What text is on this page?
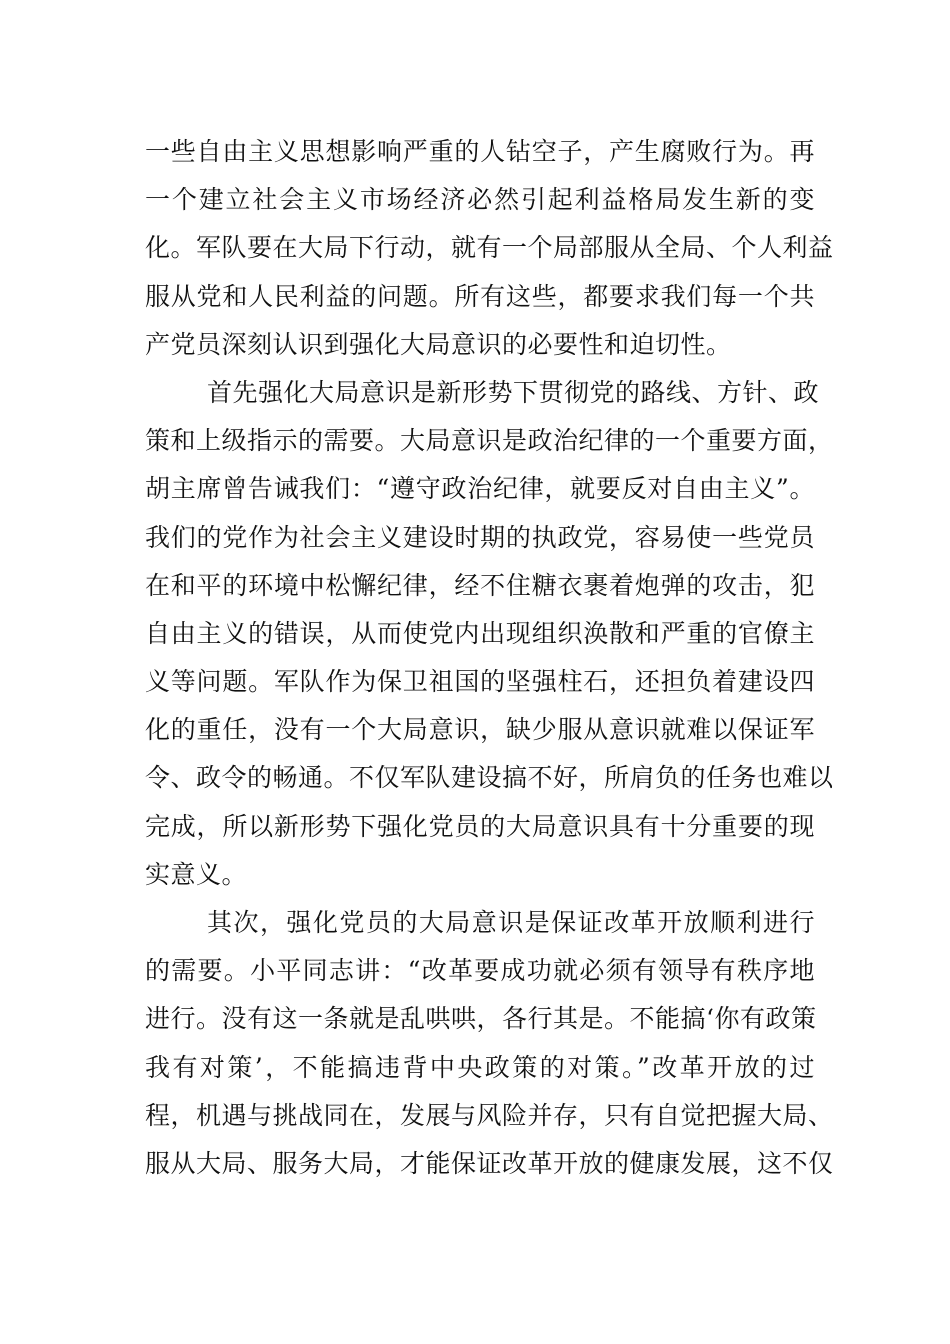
一些自由主义思想影响严重的人钻空子，产生腐败行为。再
一个建立社会主义市场经济必然引起利益格局发生新的变
化。军队要在大局下行动，就有一个局部服从全局、个人利益
服从党和人民利益的问题。所有这些，都要求我们每一个共
产党员深刻认识到强化大局意识的必要性和迫切性。
首先强化大局意识是新形势下贯彻党的路线、方针、政
策和上级指示的需要。大局意识是政治纪律的一个重要方面，
胡主席曾告诫我们：“遵守政治纪律，就要反对自由主义”。
我们的党作为社会主义建设时期的执政党，容易使一些党员
在和平的环境中松懈纪律，经不住糖衣裹着炮弹的攻击，犯
自由主义的错误，从而使党内出现组织涣散和严重的官僚主
义等问题。军队作为保卫祖国的坚强柱石，还担负着建设四
化的重任，没有一个大局意识，缺少服从意识就难以保证军
令、政令的畅通。不仅军队建设搞不好，所肩负的任务也难以
完成，所以新形势下强化党员的大局意识具有十分重要的现
实意义。
其次，强化党员的大局意识是保证改革开放顺利进行
的需要。小平同志讲：“改革要成功就必须有领导有秩序地
进行。没有这一条就是乱哄哄，各行其是。不能搞‘你有政策
我有对策’，不能搞违背中央政策的对策。”改革开放的过
程，机遇与挑战同在，发展与风险并存，只有自觉把握大局、
服从大局、服务大局，才能保证改革开放的健康发展，这不仅
